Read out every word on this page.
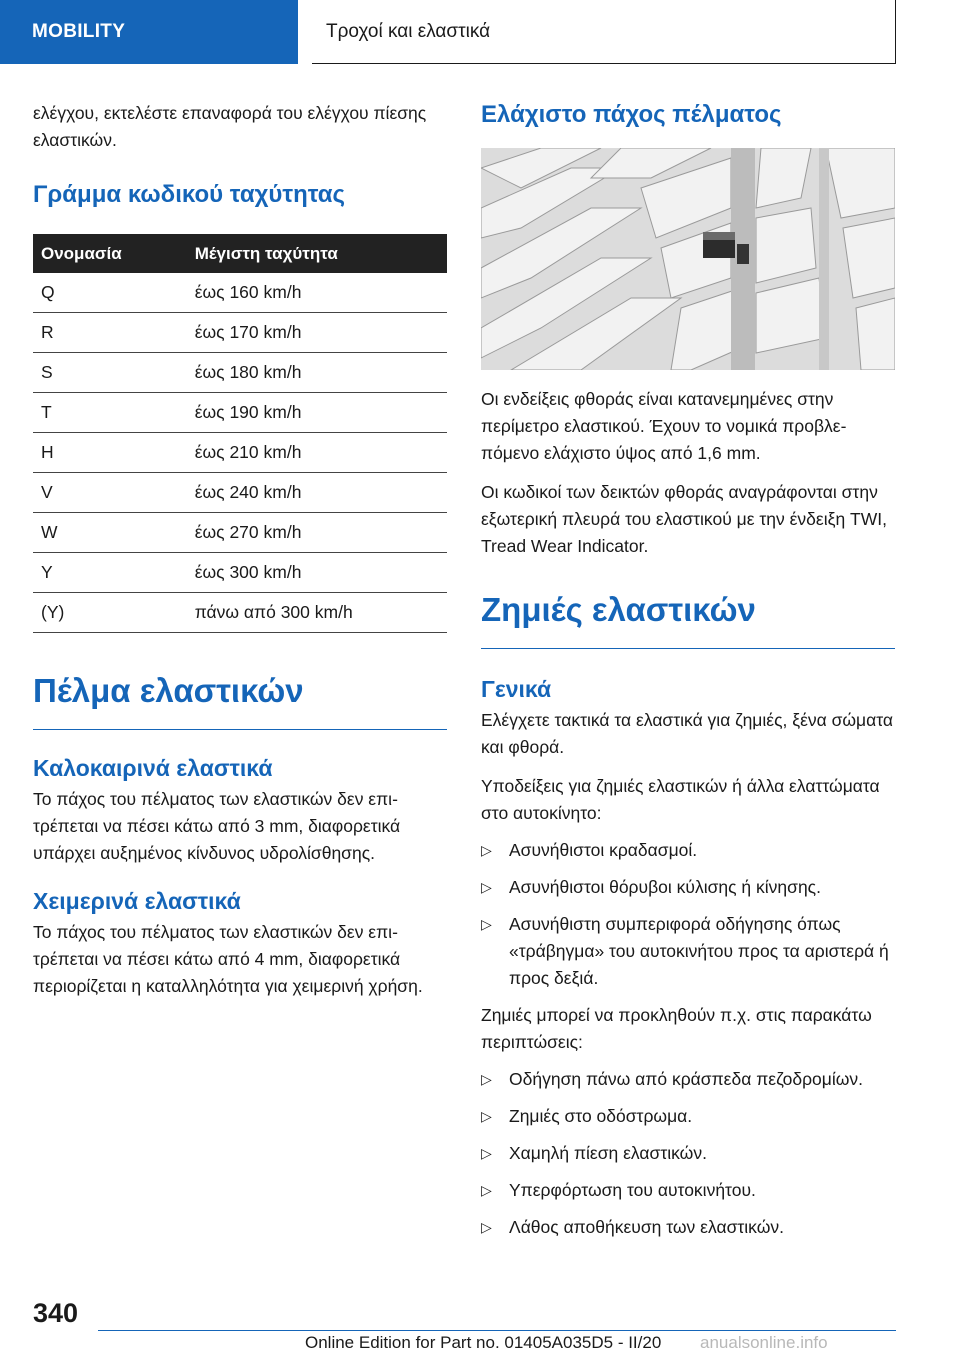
MOBILITY	Τροχοί και ελαστικά

ελέγχου, εκτελέστε επαναφορά του ελέγχου πίεσης ελαστικών.

Γράμμα κωδικού ταχύτητας
Ονομασία	Μέγιστη ταχύτητα
Q	έως 160 km/h
R	έως 170 km/h
S	έως 180 km/h
T	έως 190 km/h
H	έως 210 km/h
V	έως 240 km/h
W	έως 270 km/h
Y	έως 300 km/h
(Y)	πάνω από 300 km/h
Πέλμα ελαστικών
Καλοκαιρινά ελαστικά

Το πάχος του πέλματος των ελαστικών δεν επιτρέπεται να πέσει κάτω από 3 mm, διαφορετικά υπάρχει αυξημένος κίνδυνος υδρολίσθησης.

Χειμερινά ελαστικά

Το πάχος του πέλματος των ελαστικών δεν επιτρέπεται να πέσει κάτω από 4 mm, διαφορετικά περιορίζεται η καταλληλότητα για χειμερινή χρήση.

Ελάχιστο πάχος πέλματος

Οι ενδείξεις φθοράς είναι κατανεμημένες στην περίμετρο ελαστικού. Έχουν το νομικά προβλεπόμενο ελάχιστο ύψος από 1,6 mm.

Οι κωδικοί των δεικτών φθοράς αναγράφονται στην εξωτερική πλευρά του ελαστικού με την ένδειξη TWI, Tread Wear Indicator.

Ζημιές ελαστικών
Γενικά

Ελέγχετε τακτικά τα ελαστικά για ζημιές, ξένα σώματα και φθορά.

Υποδείξεις για ζημιές ελαστικών ή άλλα ελαττώματα στο αυτοκίνητο:

▷ Ασυνήθιστοι κραδασμοί.
▷ Ασυνήθιστοι θόρυβοι κύλισης ή κίνησης.
▷ Ασυνήθιστη συμπεριφορά οδήγησης όπως «τράβηγμα» του αυτοκινήτου προς τα αριστερά ή προς δεξιά.

Ζημιές μπορεί να προκληθούν π.χ. στις παρακάτω περιπτώσεις:

▷ Οδήγηση πάνω από κράσπεδα πεζοδρομίων.
▷ Ζημιές στο οδόστρωμα.
▷ Χαμηλή πίεση ελαστικών.
▷ Υπερφόρτωση του αυτοκινήτου.
▷ Λάθος αποθήκευση των ελαστικών.
340
Online Edition for Part no. 01405A035D5 - II/20 anualsonline.info
